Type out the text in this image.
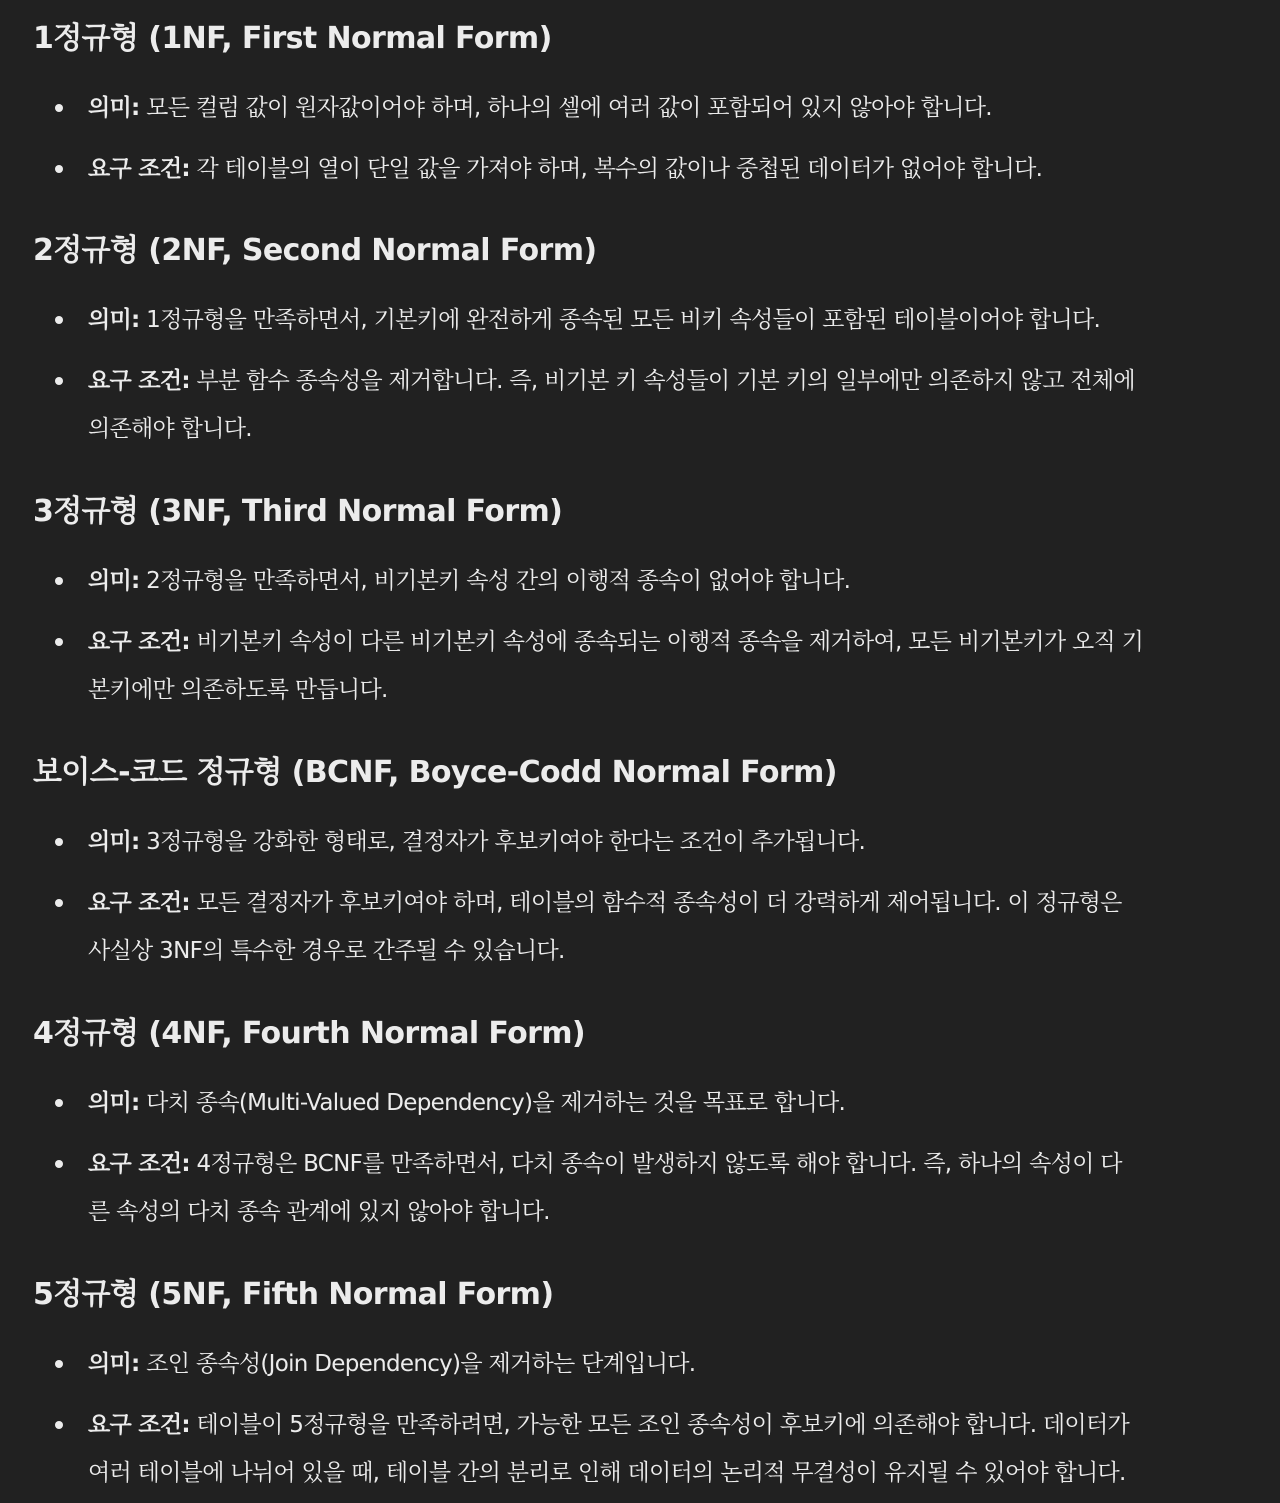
1정규형 (1NF, First Normal Form)
의미: 모든 컬럼 값이 원자값이어야 하며, 하나의 셀에 여러 값이 포함되어 있지 않아야 합니다.
요구 조건: 각 테이블의 열이 단일 값을 가져야 하며, 복수의 값이나 중첩된 데이터가 없어야 합니다.
2정규형 (2NF, Second Normal Form)
의미: 1정규형을 만족하면서, 기본키에 완전하게 종속된 모든 비키 속성들이 포함된 테이블이어야 합니다.
요구 조건: 부분 함수 종속성을 제거합니다. 즉, 비기본 키 속성들이 기본 키의 일부에만 의존하지 않고 전체에
의존해야 합니다.
3정규형 (3NF, Third Normal Form)
의미: 2정규형을 만족하면서, 비기본키 속성 간의 이행적 종속이 없어야 합니다.
요구 조건: 비기본키 속성이 다른 비기본키 속성에 종속되는 이행적 종속을 제거하여, 모든 비기본키가 오직 기
본키에만 의존하도록 만듭니다.
보이스-코드 정규형 (BCNF, Boyce-Codd Normal Form)
의미: 3정규형을 강화한 형태로, 결정자가 후보키여야 한다는 조건이 추가됩니다.
요구 조건: 모든 결정자가 후보키여야 하며, 테이블의 함수적 종속성이 더 강력하게 제어됩니다. 이 정규형은
사실상 3NF의 특수한 경우로 간주될 수 있습니다.
4정규형 (4NF, Fourth Normal Form)
의미: 다치 종속(Multi-Valued Dependency)을 제거하는 것을 목표로 합니다.
요구 조건: 4정규형은 BCNF를 만족하면서, 다치 종속이 발생하지 않도록 해야 합니다. 즉, 하나의 속성이 다
른 속성의 다치 종속 관계에 있지 않아야 합니다.
5정규형 (5NF, Fifth Normal Form)
의미: 조인 종속성(Join Dependency)을 제거하는 단계입니다.
요구 조건: 테이블이 5정규형을 만족하려면, 가능한 모든 조인 종속성이 후보키에 의존해야 합니다. 데이터가
여러 테이블에 나뉘어 있을 때, 테이블 간의 분리로 인해 데이터의 논리적 무결성이 유지될 수 있어야 합니다.
